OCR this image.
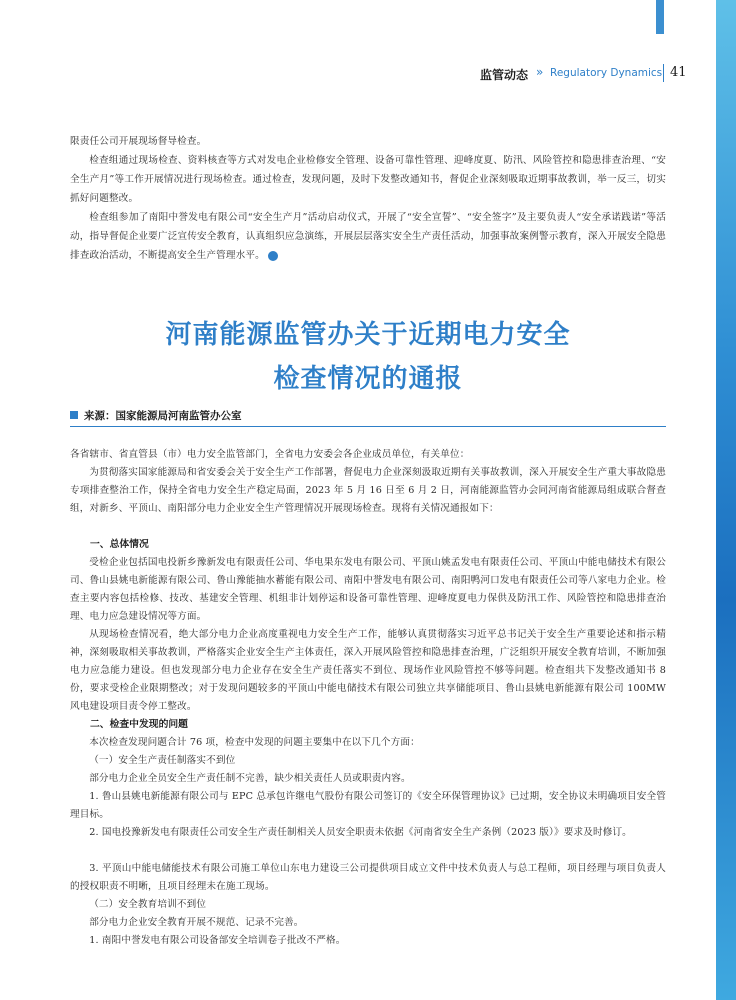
监管动态 » Regulatory Dynamics 41

限责任公司开展现场督导检查。

检查组通过现场检查、资料核查等方式对发电企业检修安全管理、设备可靠性管理、迎峰度夏、防汛、风险管控和隐患排查治理、“安全生产月”等工作开展情况进行现场检查。通过检查，发现问题，及时下发整改通知书，督促企业深刻吸取近期事故教训，举一反三，切实抓好问题整改。

检查组参加了南阳中誉发电有限公司“安全生产月”活动启动仪式，开展了“安全宣誓”、“安全签字”及主要负责人“安全承诺践诺”等活动，指导督促企业要广泛宣传安全教育，认真组织应急演练，开展层层落实安全生产责任活动，加强事故案例警示教育，深入开展安全隐患排查政治活动，不断提高安全生产管理水平。	e

河南能源监管办关于近期电力安全
检查情况的通报
来源：国家能源局河南监管办公室

各省辖市、省直管县（市）电力安全监管部门，全省电力安委会各企业成员单位，有关单位：

为贯彻落实国家能源局和省安委会关于安全生产工作部署，督促电力企业深刻汲取近期有关事故教训，深入开展安全生产重大事故隐患专项排查整治工作，保持全省电力安全生产稳定局面，2023 年 5 月 16 日至 6 月 2 日，河南能源监管办会同河南省能源局组成联合督查组，对新乡、平顶山、南阳部分电力企业安全生产管理情况开展现场检查。现将有关情况通报如下：

一、总体情况

受检企业包括国电投新乡豫新发电有限责任公司、华电果东发电有限公司、平顶山姚孟发电有限责任公司、平顶山中能电储技术有限公司、鲁山县姚电新能源有限公司、鲁山豫能抽水蓄能有限公司、南阳中誉发电有限公司、南阳鸭河口发电有限责任公司等八家电力企业。检查主要内容包括检修、技改、基建安全管理、机组非计划停运和设备可靠性管理、迎峰度夏电力保供及防汛工作、风险管控和隐患排查治理、电力应急建设情况等方面。

从现场检查情况看，绝大部分电力企业高度重视电力安全生产工作，能够认真贯彻落实习近平总书记关于安全生产重要论述和指示精神，深刻吸取相关事故教训，严格落实企业安全生产主体责任，深入开展风险管控和隐患排查治理，广泛组织开展安全教育培训，不断加强电力应急能力建设。但也发现部分电力企业存在安全生产责任落实不到位、现场作业风险管控不够等问题。检查组共下发整改通知书 8 份，要求受检企业限期整改；对于发现问题较多的平顶山中能电储技术有限公司独立共享储能项目、鲁山县姚电新能源有限公司 100MW 风电建设项目责令停工整改。

二、检查中发现的问题

本次检查发现问题合计 76 项，检查中发现的问题主要集中在以下几个方面：

（一）安全生产责任制落实不到位

部分电力企业全员安全生产责任制不完善，缺少相关责任人员或职责内容。

1. 鲁山县姚电新能源有限公司与 EPC 总承包许继电气股份有限公司签订的《安全环保管理协议》已过期，安全协议未明确项目安全管理目标。

2. 国电投豫新发电有限责任公司安全生产责任制相关人员安全职责未依据《河南省安全生产条例（2023 版）》要求及时修订。

3. 平顶山中能电储能技术有限公司施工单位山东电力建设三公司提供项目成立文件中技术负责人与总工程师，项目经理与项目负责人的授权职责不明晰，且项目经理未在施工现场。

（二）安全教育培训不到位

部分电力企业安全教育开展不规范、记录不完善。

1. 南阳中誉发电有限公司设备部安全培训卷子批改不严格。
